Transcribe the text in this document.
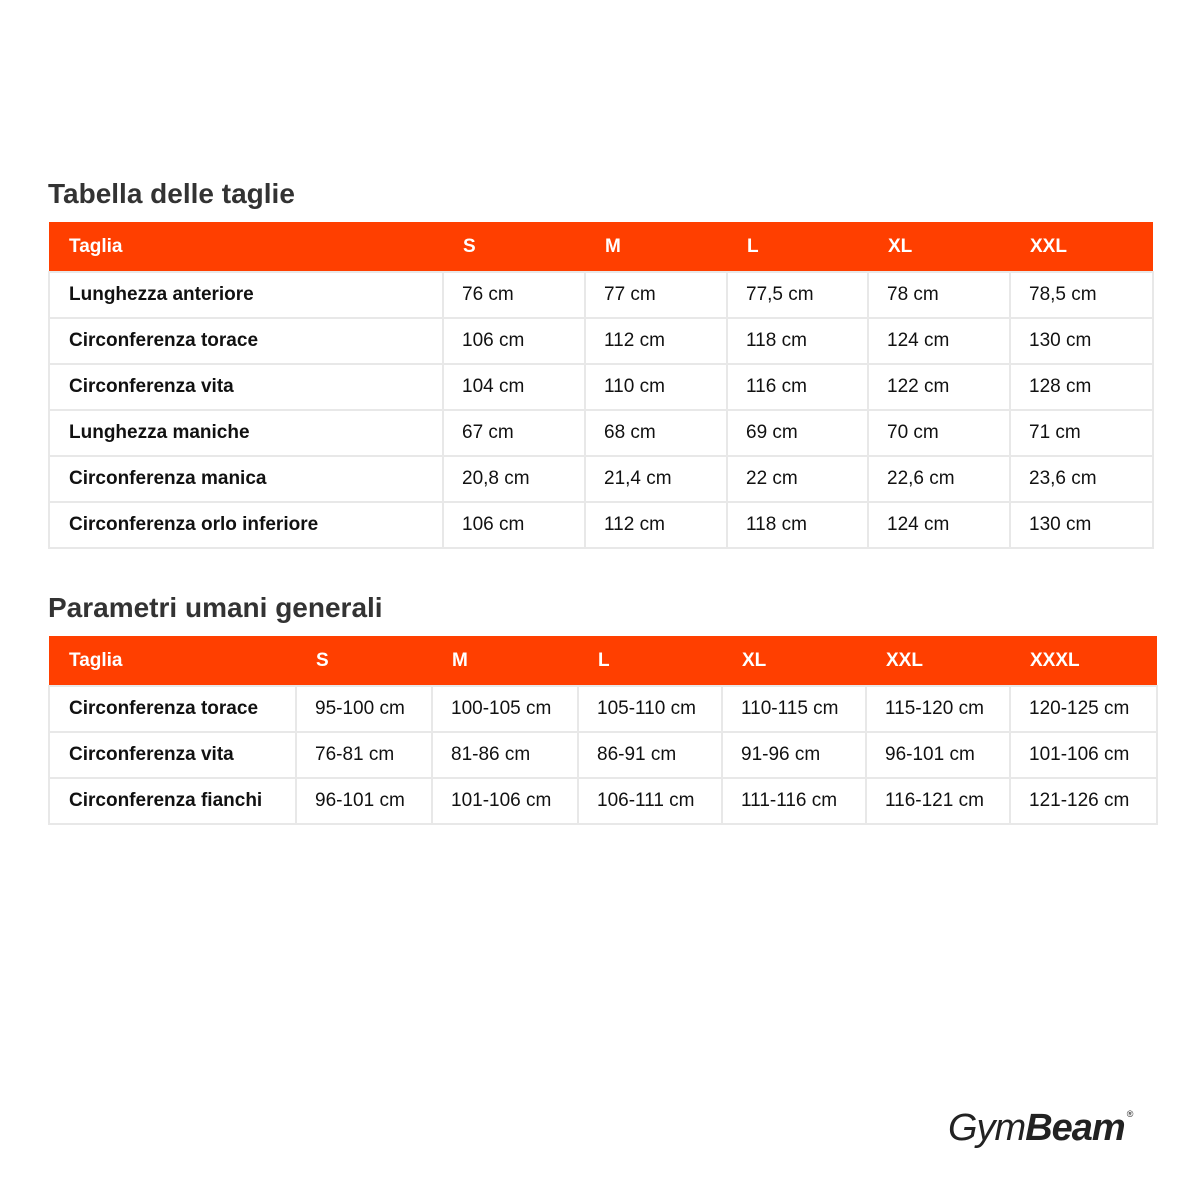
Tabella delle taglie
Taglia	S	M	L	XL	XXL
Lunghezza anteriore	76 cm	77 cm	77,5 cm	78 cm	78,5 cm
Circonferenza torace	106 cm	112 cm	118 cm	124 cm	130 cm
Circonferenza vita	104 cm	110 cm	116 cm	122 cm	128 cm
Lunghezza maniche	67 cm	68 cm	69 cm	70 cm	71 cm
Circonferenza manica	20,8 cm	21,4 cm	22 cm	22,6 cm	23,6 cm
Circonferenza orlo inferiore	106 cm	112 cm	118 cm	124 cm	130 cm
Parametri umani generali
Taglia	S	M	L	XL	XXL	XXXL
Circonferenza torace	95-100 cm	100-105 cm	105-110 cm	110-115 cm	115-120 cm	120-125 cm
Circonferenza vita	76-81 cm	81-86 cm	86-91 cm	91-96 cm	96-101 cm	101-106 cm
Circonferenza fianchi	96-101 cm	101-106 cm	106-111 cm	111-116 cm	116-121 cm	121-126 cm
GymBeam ®
